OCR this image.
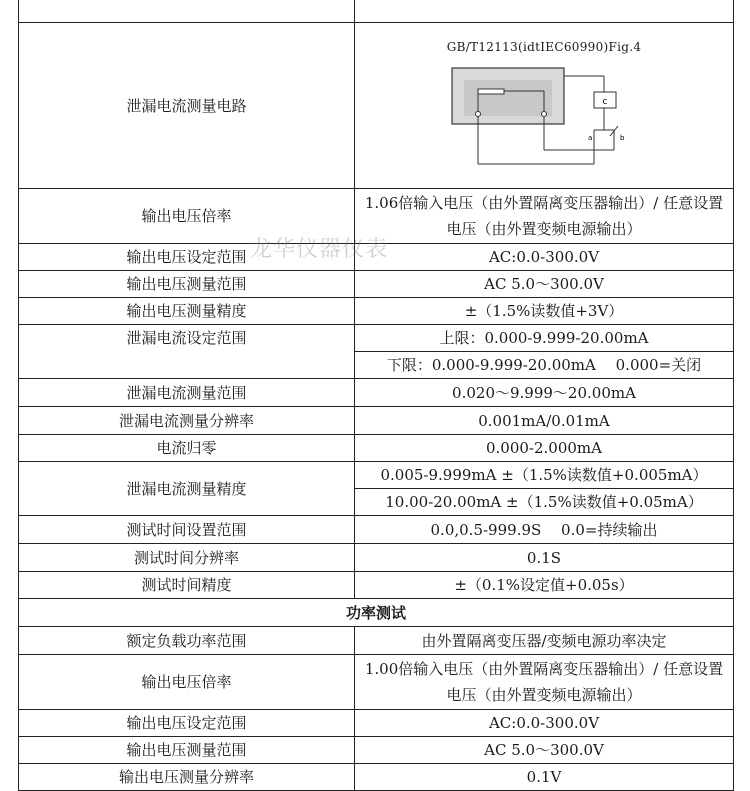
泄漏电流测量电路	GB/T12113(idtIEC60990)Fig.4
c
a b

输出电压倍率	1.06倍输入电压（由外置隔离变压器输出）/ 任意设置电压（由外置变频电源输出）
输出电压设定范围	AC:0.0-300.0V
输出电压测量范围	AC 5.0～300.0V
输出电压测量精度	±（1.5%读数值+3V）
泄漏电流设定范围	上限：0.000-9.999-20.00mA
	下限：0.000-9.999-20.00mA　 0.000=关闭
泄漏电流测量范围	0.020～9.999～20.00mA
泄漏电流测量分辨率	0.001mA/0.01mA
电流归零	0.000-2.000mA
泄漏电流测量精度	0.005-9.999mA ±（1.5%读数值+0.005mA）
	10.00-20.00mA ±（1.5%读数值+0.05mA）
测试时间设置范围	0.0,0.5-999.9S　 0.0=持续输出
测试时间分辨率	0.1S
测试时间精度	±（0.1%设定值+0.05s）
功率测试	
额定负载功率范围	由外置隔离变压器/变频电源功率决定
输出电压倍率	1.00倍输入电压（由外置隔离变压器输出）/ 任意设置电压（由外置变频电源输出）
输出电压设定范围	AC:0.0-300.0V
输出电压测量范围	AC 5.0～300.0V
输出电压测量分辨率	0.1V
龙华仪器仪表
